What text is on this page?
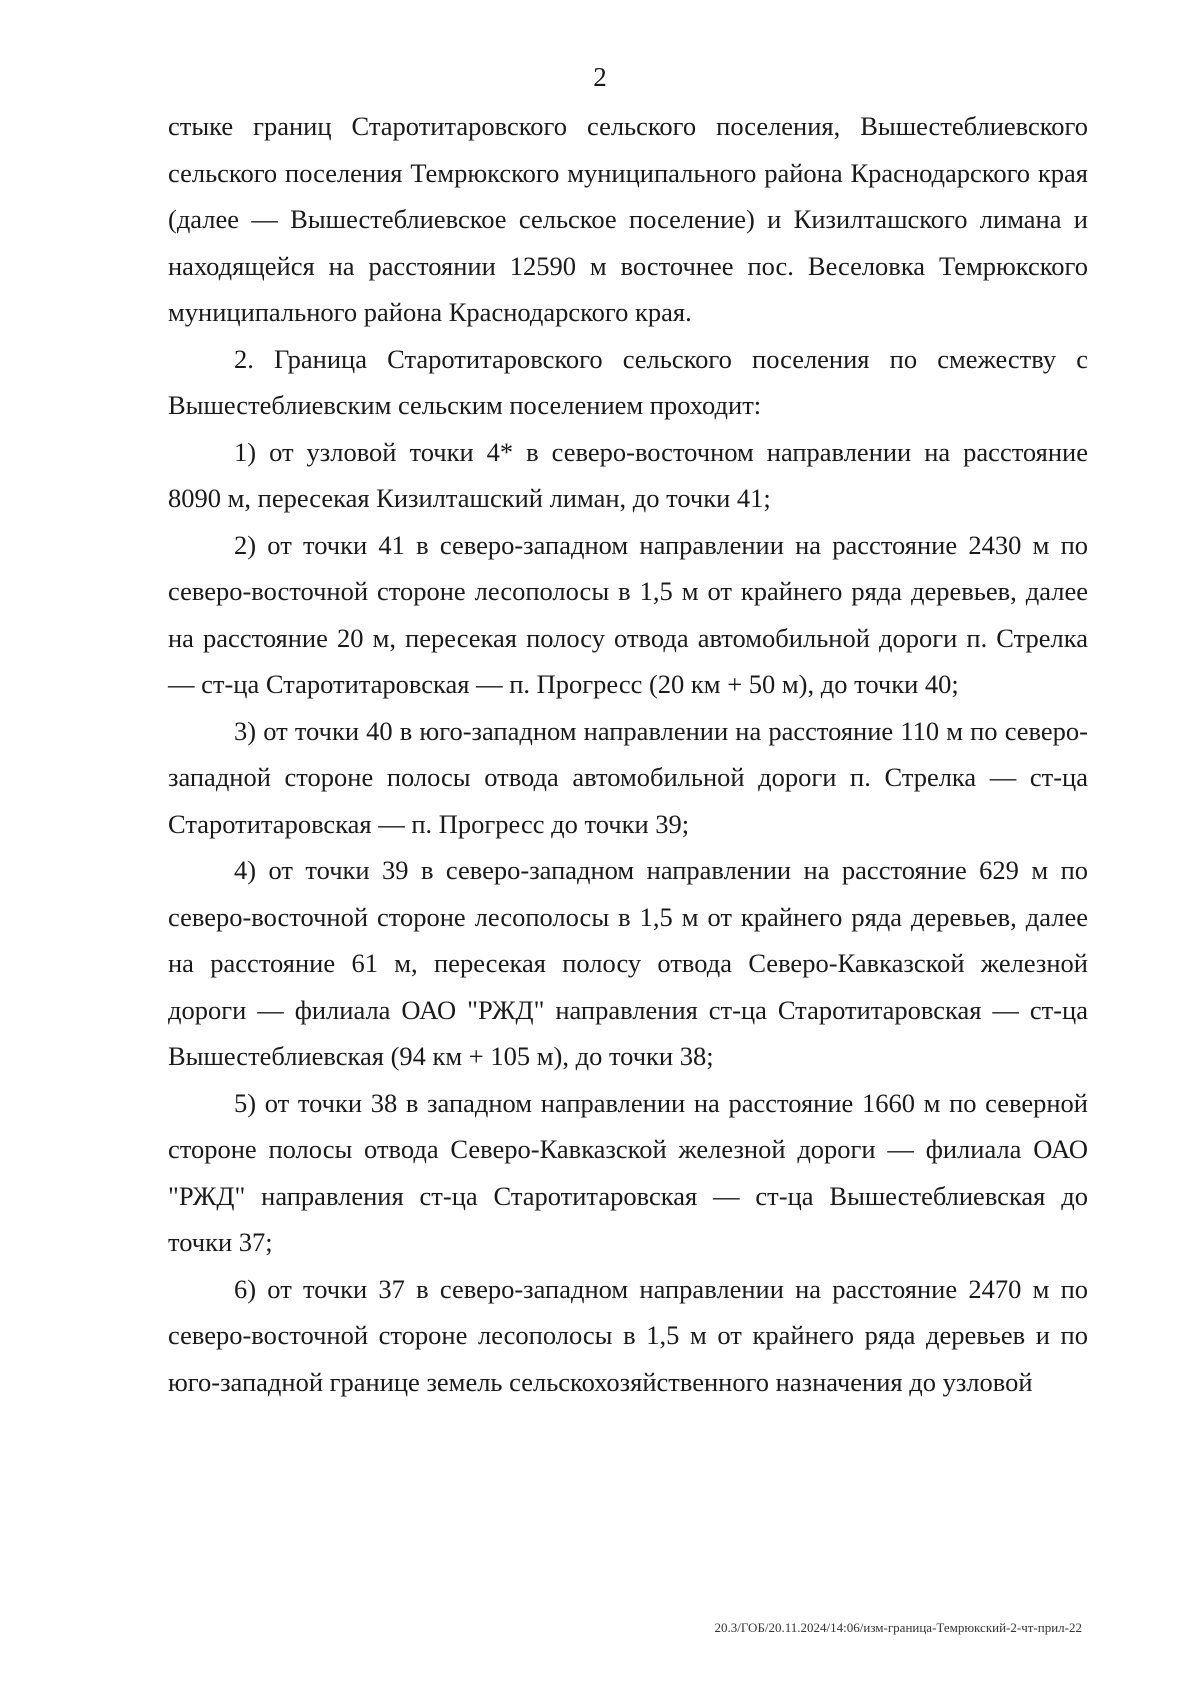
2

стыке границ Старотитаровского сельского поселения, Вышестеблиевского сельского поселения Темрюкского муниципального района Краснодарского края (далее — Вышестеблиевское сельское поселение) и Кизилташского лимана и находящейся на расстоянии 12590 м восточнее пос. Веселовка Темрюкского муниципального района Краснодарского края.

2. Граница Старотитаровского сельского поселения по смежеству с Вышестеблиевским сельским поселением проходит:

1) от узловой точки 4* в северо-восточном направлении на расстояние 8090 м, пересекая Кизилташский лиман, до точки 41;

2) от точки 41 в северо-западном направлении на расстояние 2430 м по северо-восточной стороне лесополосы в 1,5 м от крайнего ряда деревьев, далее на расстояние 20 м, пересекая полосу отвода автомобильной дороги п. Стрелка — ст-ца Старотитаровская — п. Прогресс (20 км + 50 м), до точки 40;

3) от точки 40 в юго-западном направлении на расстояние 110 м по северо-западной стороне полосы отвода автомобильной дороги п. Стрелка — ст-ца Старотитаровская — п. Прогресс до точки 39;

4) от точки 39 в северо-западном направлении на расстояние 629 м по северо-восточной стороне лесополосы в 1,5 м от крайнего ряда деревьев, далее на расстояние 61 м, пересекая полосу отвода Северо-Кавказской железной дороги — филиала ОАО "РЖД" направления ст-ца Старотитаровская — ст-ца Вышестеблиевская (94 км + 105 м), до точки 38;

5) от точки 38 в западном направлении на расстояние 1660 м по северной стороне полосы отвода Северо-Кавказской железной дороги — филиала ОАО "РЖД" направления ст-ца Старотитаровская — ст-ца Вышестеблиевская до точки 37;

6) от точки 37 в северо-западном направлении на расстояние 2470 м по северо-восточной стороне лесополосы в 1,5 м от крайнего ряда деревьев и по юго-западной границе земель сельскохозяйственного назначения до узловой

20.3/ГОБ/20.11.2024/14:06/изм-граница-Темрюкский-2-чт-прил-22
